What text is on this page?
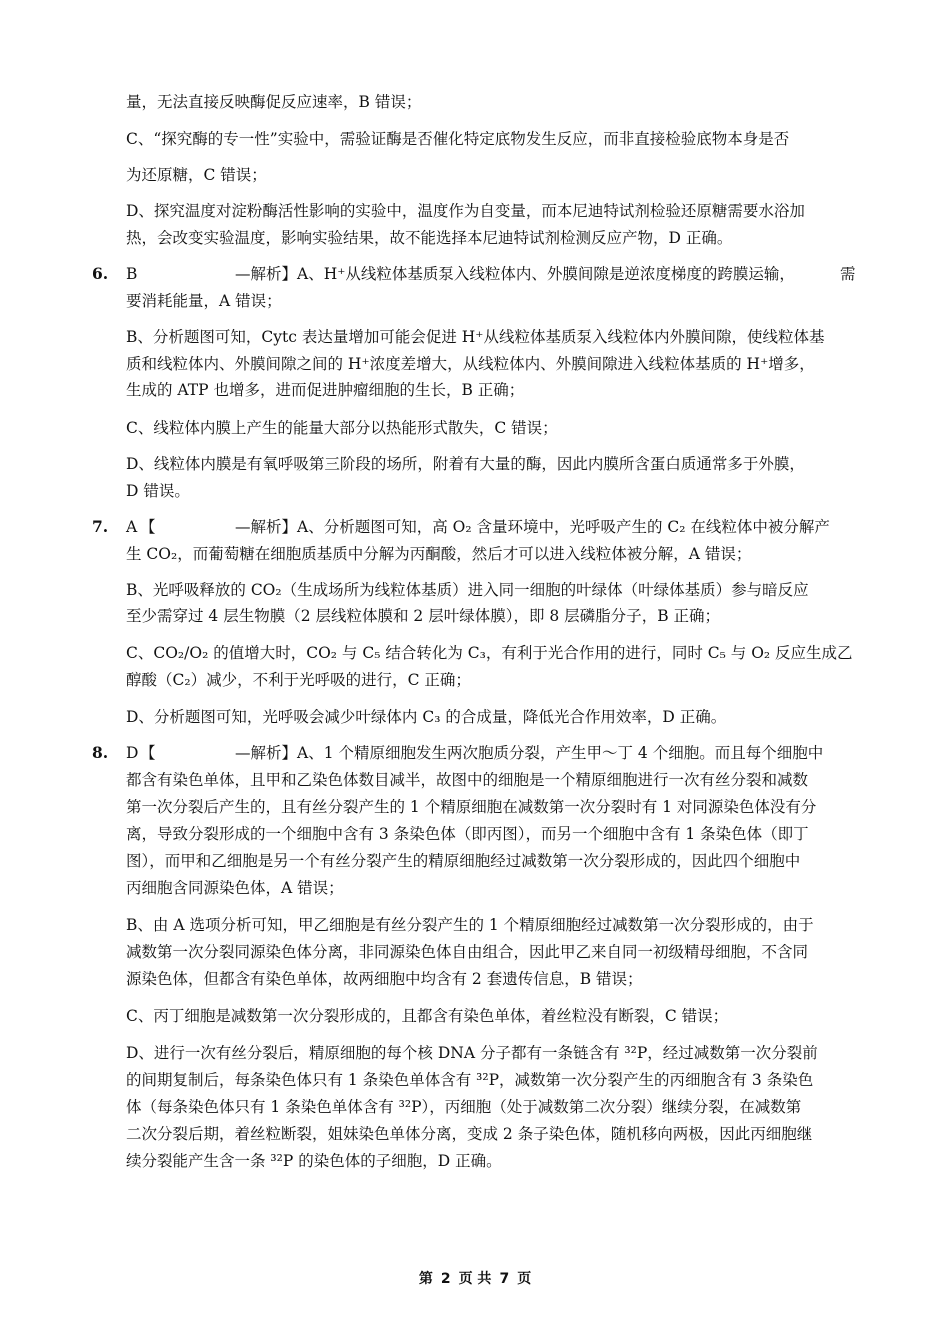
量，无法直接反映酶促反应速率，B 错误；
C、“探究酶的专一性”实验中，需验证酶是否催化特定底物发生反应，而非直接检验底物本身是否
为还原糖，C 错误；
D、探究温度对淀粉酶活性影响的实验中，温度作为自变量，而本尼迪特试剂检验还原糖需要水浴加
热，会改变实验温度，影响实验结果，故不能选择本尼迪特试剂检测反应产物，D 正确。
6. B	—解析】A、H⁺从线粒体基质泵入线粒体内、外膜间隙是逆浓度梯度的跨膜运输，	需
要消耗能量，A 错误；
B、分析题图可知，Cytc 表达量增加可能会促进 H⁺从线粒体基质泵入线粒体内外膜间隙，使线粒体基
质和线粒体内、外膜间隙之间的 H⁺浓度差增大，从线粒体内、外膜间隙进入线粒体基质的 H⁺增多，
生成的 ATP 也增多，进而促进肿瘤细胞的生长，B 正确；
C、线粒体内膜上产生的能量大部分以热能形式散失，C 错误；
D、线粒体内膜是有氧呼吸第三阶段的场所，附着有大量的酶，因此内膜所含蛋白质通常多于外膜，
D 错误。
7. A 【	—解析】A、分析题图可知，高 O₂ 含量环境中，光呼吸产生的 C₂ 在线粒体中被分解产
生 CO₂，而葡萄糖在细胞质基质中分解为丙酮酸，然后才可以进入线粒体被分解，A 错误；
B、光呼吸释放的 CO₂（生成场所为线粒体基质）进入同一细胞的叶绿体（叶绿体基质）参与暗反应
至少需穿过 4 层生物膜（2 层线粒体膜和 2 层叶绿体膜），即 8 层磷脂分子，B 正确；
C、CO₂/O₂ 的值增大时，CO₂ 与 C₅ 结合转化为 C₃，有利于光合作用的进行，同时 C₅ 与 O₂ 反应生成乙
醇酸（C₂）减少，不利于光呼吸的进行，C 正确；
D、分析题图可知，光呼吸会减少叶绿体内 C₃ 的合成量，降低光合作用效率，D 正确。
8. D 【	—解析】A、1 个精原细胞发生两次胞质分裂，产生甲～丁 4 个细胞。而且每个细胞中
都含有染色单体，且甲和乙染色体数目减半，故图中的细胞是一个精原细胞进行一次有丝分裂和减数
第一次分裂后产生的，且有丝分裂产生的 1 个精原细胞在减数第一次分裂时有 1 对同源染色体没有分
离，导致分裂形成的一个细胞中含有 3 条染色体（即丙图），而另一个细胞中含有 1 条染色体（即丁
图），而甲和乙细胞是另一个有丝分裂产生的精原细胞经过减数第一次分裂形成的，因此四个细胞中
丙细胞含同源染色体，A 错误；
B、由 A 选项分析可知，甲乙细胞是有丝分裂产生的 1 个精原细胞经过减数第一次分裂形成的，由于
减数第一次分裂同源染色体分离，非同源染色体自由组合，因此甲乙来自同一初级精母细胞，不含同
源染色体，但都含有染色单体，故两细胞中均含有 2 套遗传信息，B 错误；
C、丙丁细胞是减数第一次分裂形成的，且都含有染色单体，着丝粒没有断裂，C 错误；
D、进行一次有丝分裂后，精原细胞的每个核 DNA 分子都有一条链含有 ³²P，经过减数第一次分裂前
的间期复制后，每条染色体只有 1 条染色单体含有 ³²P，减数第一次分裂产生的丙细胞含有 3 条染色
体（每条染色体只有 1 条染色单体含有 ³²P），丙细胞（处于减数第二次分裂）继续分裂，在减数第
二次分裂后期，着丝粒断裂，姐妹染色单体分离，变成 2 条子染色体，随机移向两极，因此丙细胞继
续分裂能产生含一条 ³²P 的染色体的子细胞，D 正确。
第 2 页 共 7 页
